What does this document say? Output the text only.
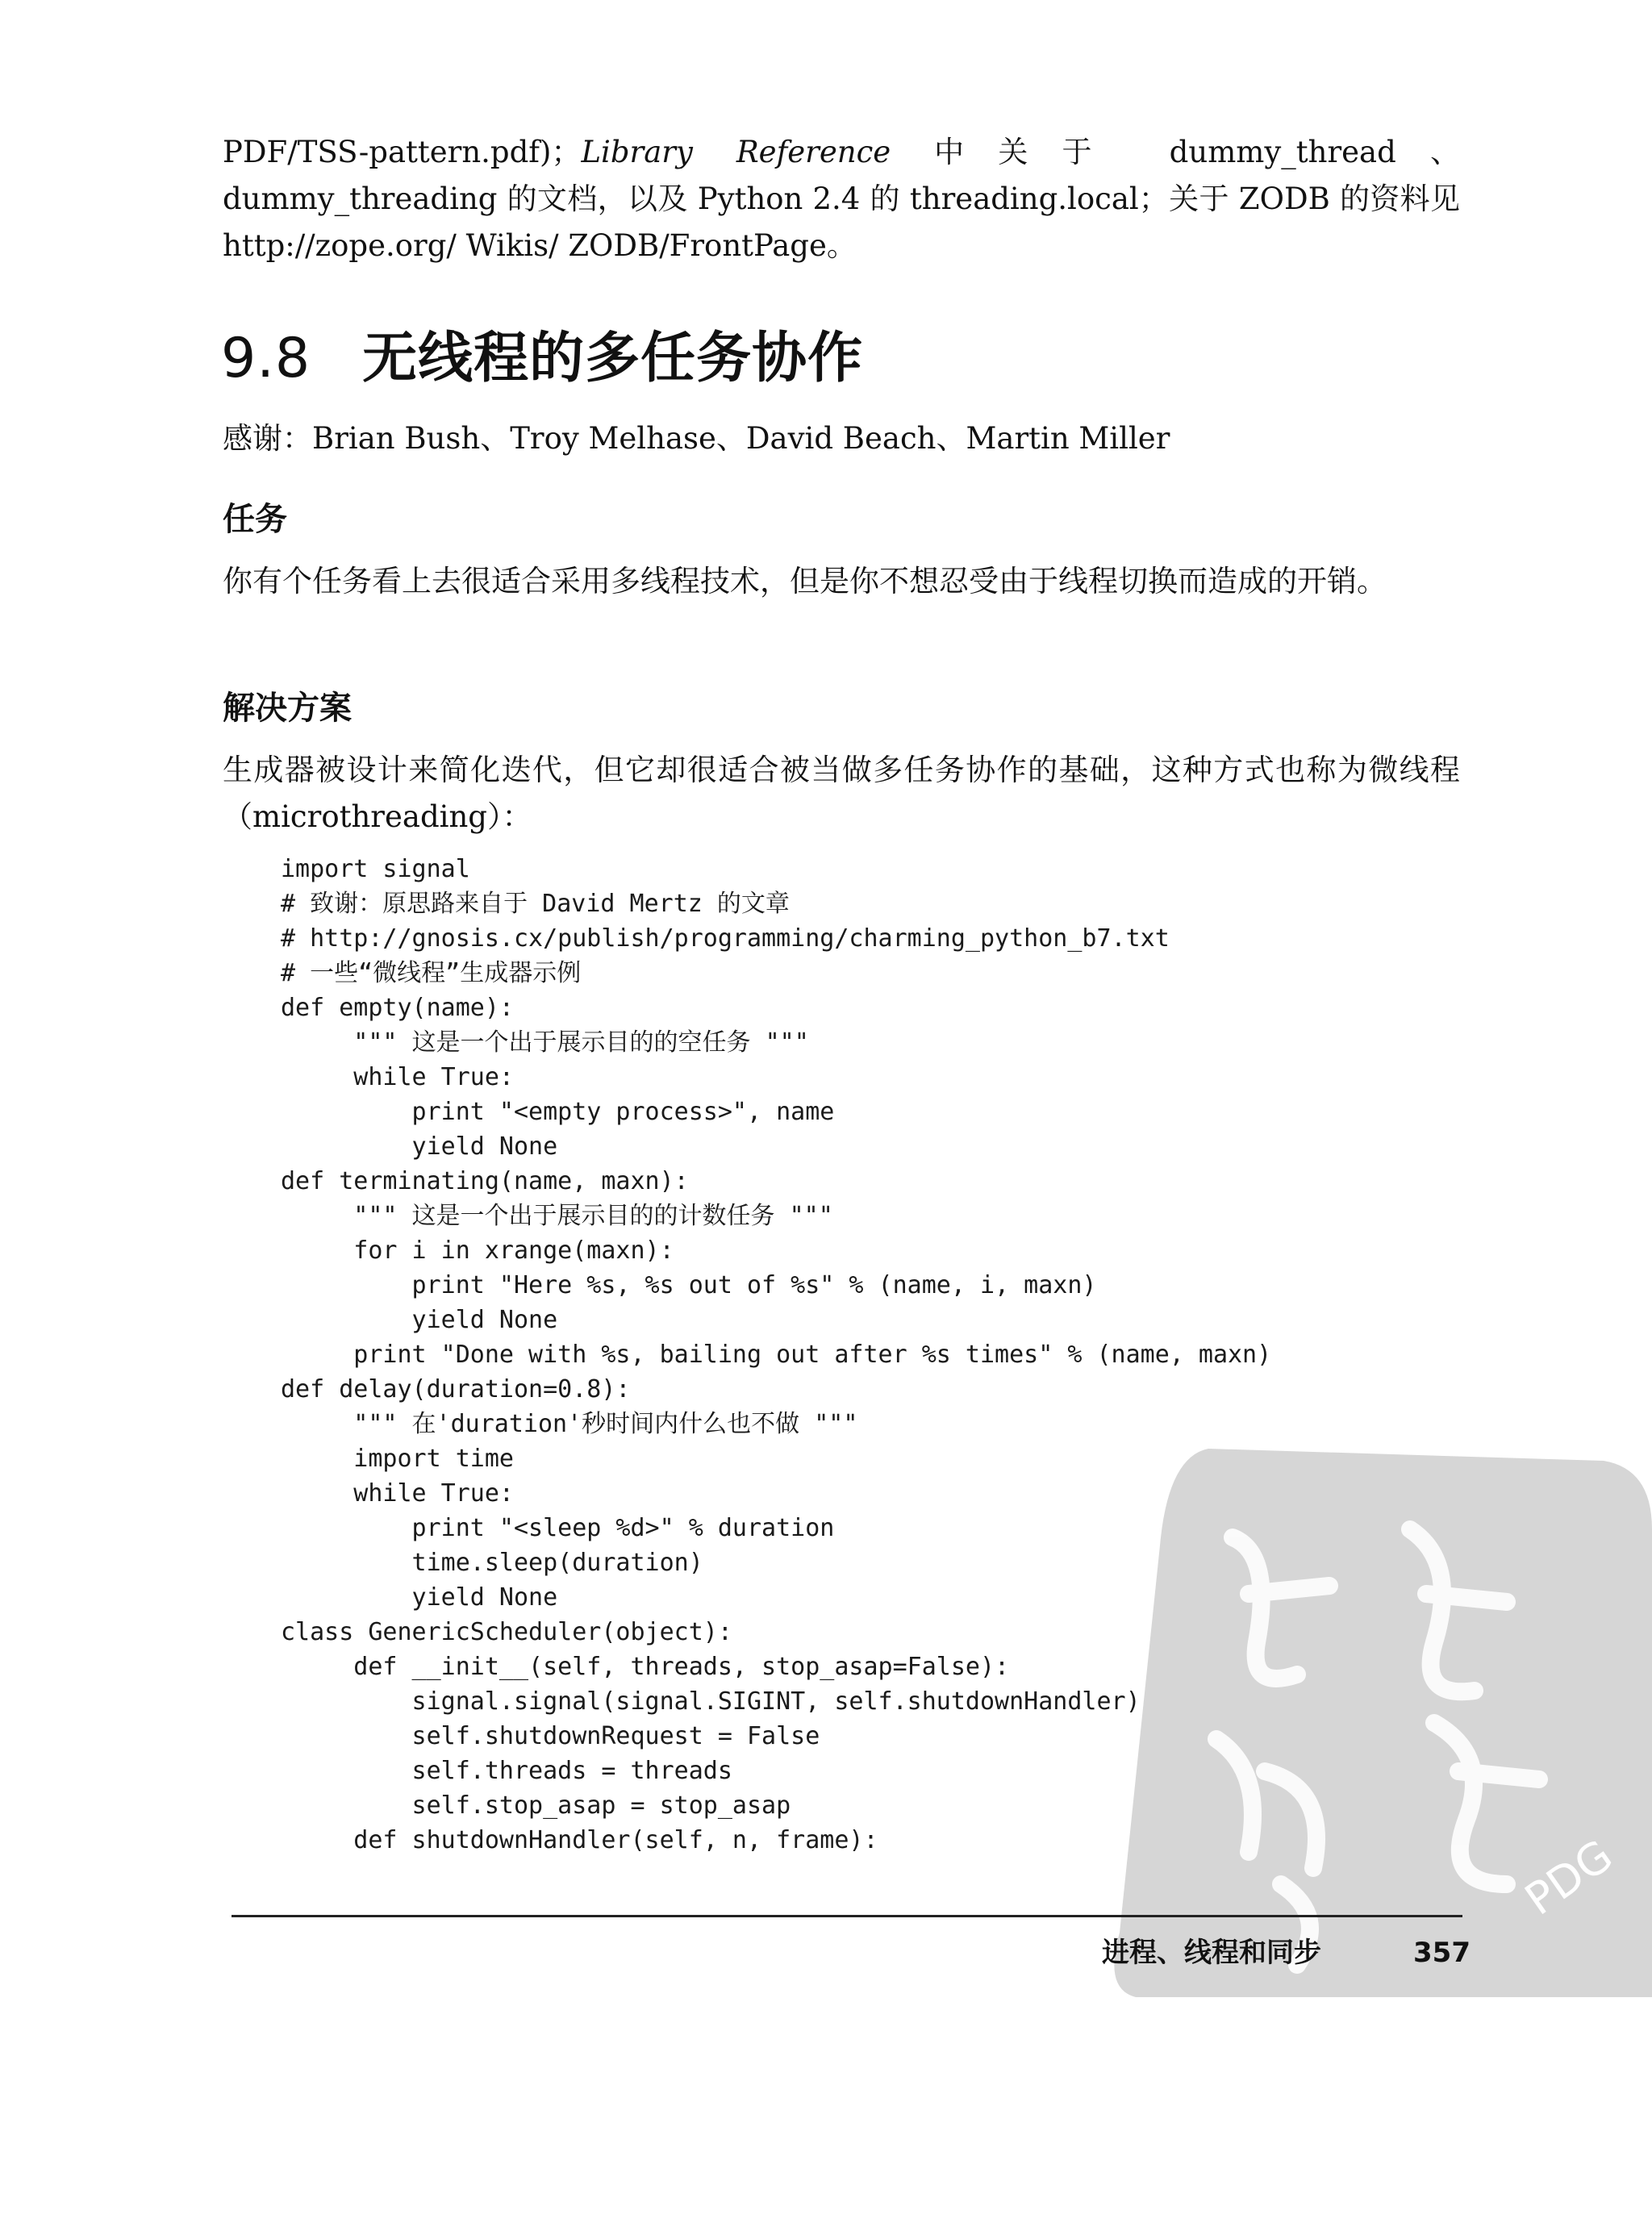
PDF/TSS-pattern.pdf)；Library Reference 中关于 dummy_thread、dummy_threading 的文档，以及 Python 2.4 的 threading.local；关于 ZODB 的资料见 http://zope.org/ Wikis/ ZODB/FrontPage。
9.8 无线程的多任务协作
感谢：Brian Bush、Troy Melhase、David Beach、Martin Miller
任务
你有个任务看上去很适合采用多线程技术，但是你不想忍受由于线程切换而造成的开销。
解决方案
生成器被设计来简化迭代，但它却很适合被当做多任务协作的基础，这种方式也称为微线程（microthreading）：
import signal
# 致谢：原思路来自于 David Mertz 的文章
# http://gnosis.cx/publish/programming/charming_python_b7.txt
# 一些“微线程”生成器示例
def empty(name):
""" 这是一个出于展示目的的空任务 """
while True:
print "<empty process>", name
yield None
def terminating(name, maxn):
""" 这是一个出于展示目的的计数任务 """
for i in xrange(maxn):
print "Here %s, %s out of %s" % (name, i, maxn)
yield None
print "Done with %s, bailing out after %s times" % (name, maxn)
def delay(duration=0.8):
""" 在'duration'秒时间内什么也不做 """
import time
while True:
print "<sleep %d>" % duration
time.sleep(duration)
yield None
class GenericScheduler(object):
def __init__(self, threads, stop_asap=False):
signal.signal(signal.SIGINT, self.shutdownHandler)
self.shutdownRequest = False
self.threads = threads
self.stop_asap = stop_asap
def shutdownHandler(self, n, frame):	PDG
进程、线程和同步	357
